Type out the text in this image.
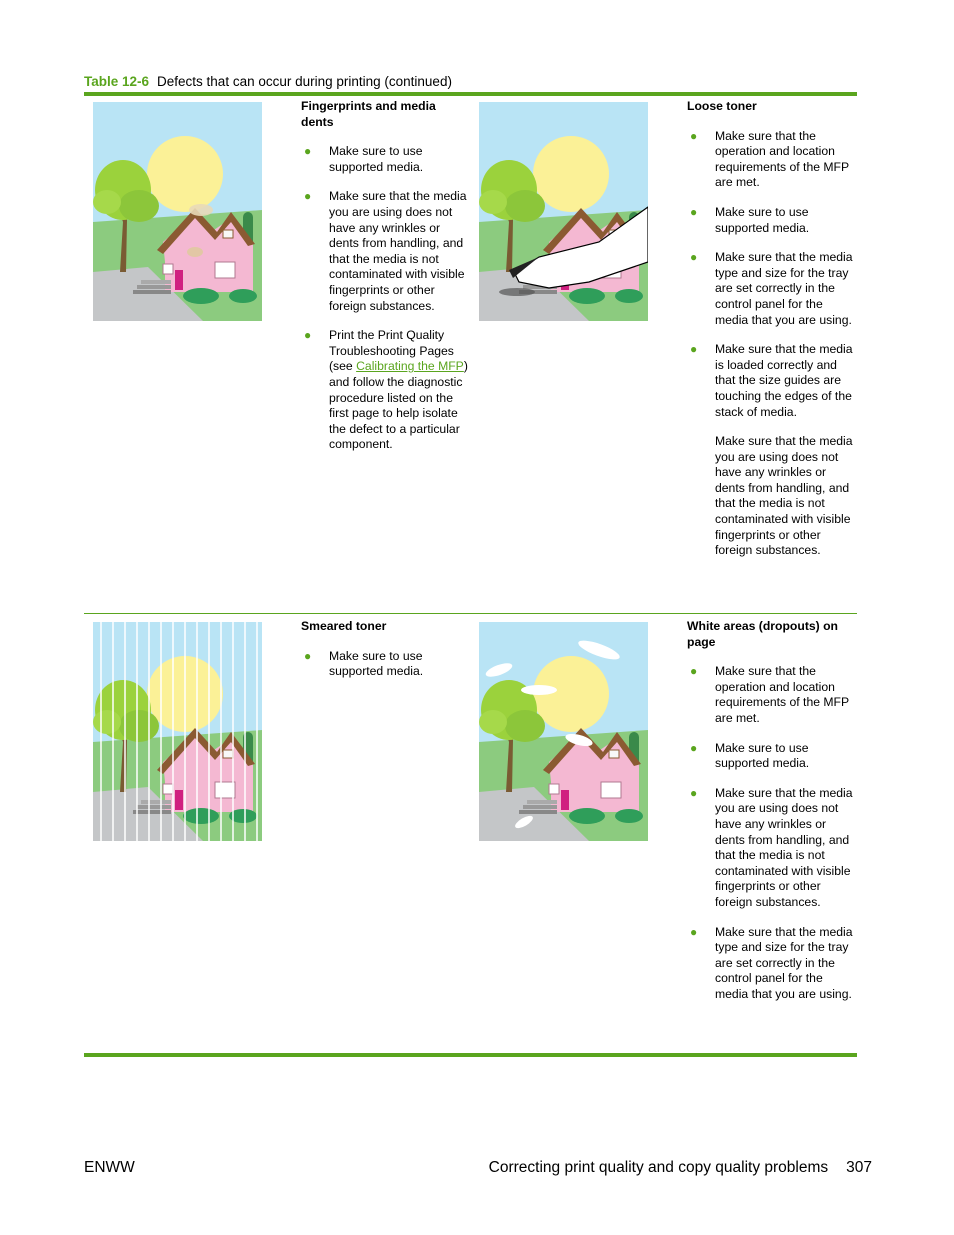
Table 12-6 Defects that can occur during printing (continued)

Fingerprints and media dents

● Make sure to use supported media.
● Make sure that the media you are using does not have any wrinkles or dents from handling, and that the media is not contaminated with visible fingerprints or other foreign substances.
● Print the Print Quality Troubleshooting Pages (see Calibrating the MFP) and follow the diagnostic procedure listed on the first page to help isolate the defect to a particular component.

Loose toner

● Make sure that the operation and location requirements of the MFP are met.
● Make sure to use supported media.
● Make sure that the media type and size for the tray are set correctly in the control panel for the media that you are using.
● Make sure that the media is loaded correctly and that the size guides are touching the edges of the stack of media.

Make sure that the media you are using does not have any wrinkles or dents from handling, and that the media is not contaminated with visible fingerprints or other foreign substances.

Smeared toner

● Make sure to use supported media.

White areas (dropouts) on page

● Make sure that the operation and location requirements of the MFP are met.
● Make sure to use supported media.
● Make sure that the media you are using does not have any wrinkles or dents from handling, and that the media is not contaminated with visible fingerprints or other foreign substances.
● Make sure that the media type and size for the tray are set correctly in the control panel for the media that you are using.
ENWW	Correcting print quality and copy quality problems 307
